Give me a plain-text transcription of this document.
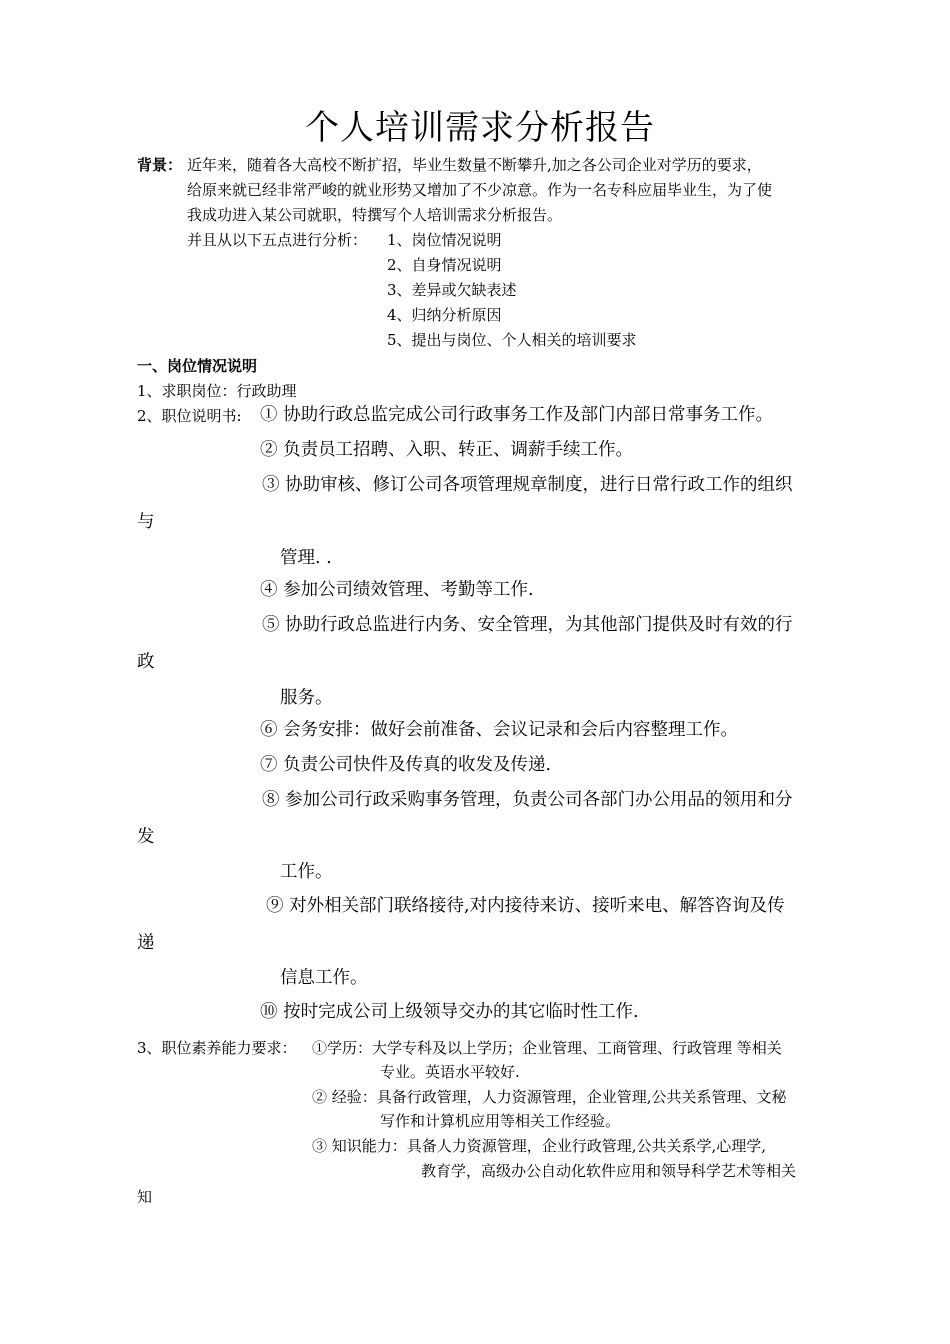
个人培训需求分析报告
背景： 近年来，随着各大高校不断扩招，毕业生数量不断攀升,加之各公司企业对学历的要求，
给原来就已经非常严峻的就业形势又增加了不少凉意。作为一名专科应届毕业生，为了使
我成功进入某公司就职，特撰写个人培训需求分析报告。
并且从以下五点进行分析： 1、岗位情况说明
2、自身情况说明
3、差异或欠缺表述
4、归纳分析原因
5、提出与岗位、个人相关的培训要求
一、岗位情况说明
1、求职岗位：行政助理
2、职位说明书: ① 协助行政总监完成公司行政事务工作及部门内部日常事务工作。
② 负责员工招聘、入职、转正、调薪手续工作。
③ 协助审核、修订公司各项管理规章制度，进行日常行政工作的组织
与
管理. .
④ 参加公司绩效管理、考勤等工作.
⑤ 协助行政总监进行内务、安全管理，为其他部门提供及时有效的行
政
服务。
⑥ 会务安排：做好会前准备、会议记录和会后内容整理工作。
⑦ 负责公司快件及传真的收发及传递.
⑧ 参加公司行政采购事务管理，负责公司各部门办公用品的领用和分
发
工作。
⑨ 对外相关部门联络接待,对内接待来访、接听来电、解答咨询及传
递
信息工作。
⑩ 按时完成公司上级领导交办的其它临时性工作.
3、职位素养能力要求： ①学历：大学专科及以上学历；企业管理、工商管理、行政管理 等相关
专业。英语水平较好.
② 经验：具备行政管理，人力资源管理，企业管理,公共关系管理、文秘
写作和计算机应用等相关工作经验。
③ 知识能力：具备人力资源管理，企业行政管理,公共关系学,心理学,
教育学，高级办公自动化软件应用和领导科学艺术等相关
知
